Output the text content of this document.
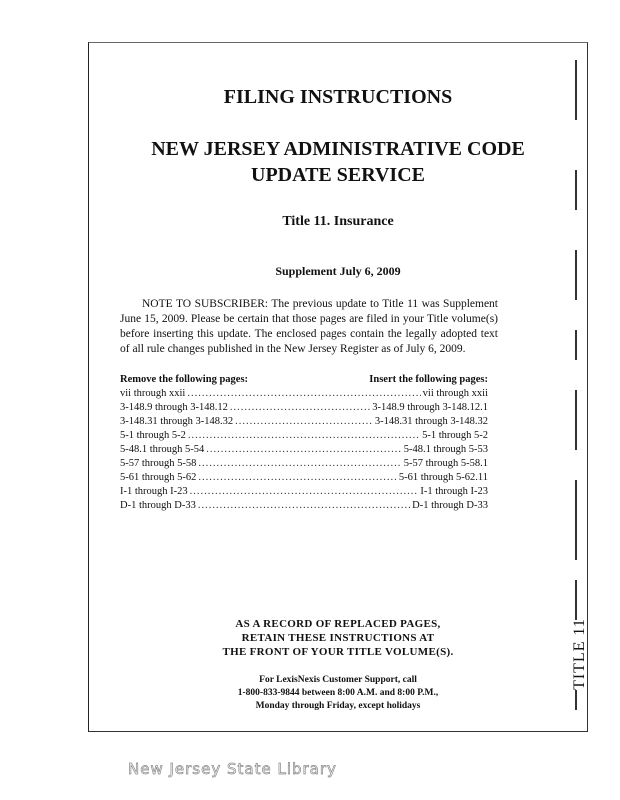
TITLE 11
FILING INSTRUCTIONS
NEW JERSEY ADMINISTRATIVE CODE
UPDATE SERVICE
Title 11. Insurance
Supplement July 6, 2009
NOTE TO SUBSCRIBER: The previous update to Title 11 was Supplement June 15, 2009. Please be certain that those pages are filed in your Title volume(s) before inserting this update. The enclosed pages contain the legally adopted text of all rule changes published in the New Jersey Register as of July 6, 2009.
Remove the following pages:	Insert the following pages:
vii through xxii .....	vii through xxii
3-148.9 through 3-148.12 .....	3-148.9 through 3-148.12.1
3-148.31 through 3-148.32 .....	3-148.31 through 3-148.32
5-1 through 5-2 .....	5-1 through 5-2
5-48.1 through 5-54 .....	5-48.1 through 5-53
5-57 through 5-58 .....	5-57 through 5-58.1
5-61 through 5-62 .....	5-61 through 5-62.11
I-1 through I-23 .....	I-1 through I-23
D-1 through D-33 .....	D-1 through D-33
AS A RECORD OF REPLACED PAGES,
RETAIN THESE INSTRUCTIONS AT
THE FRONT OF YOUR TITLE VOLUME(S).
For LexisNexis Customer Support, call
1-800-833-9844 between 8:00 A.M. and 8:00 P.M.,
Monday through Friday, except holidays
New Jersey State Library
